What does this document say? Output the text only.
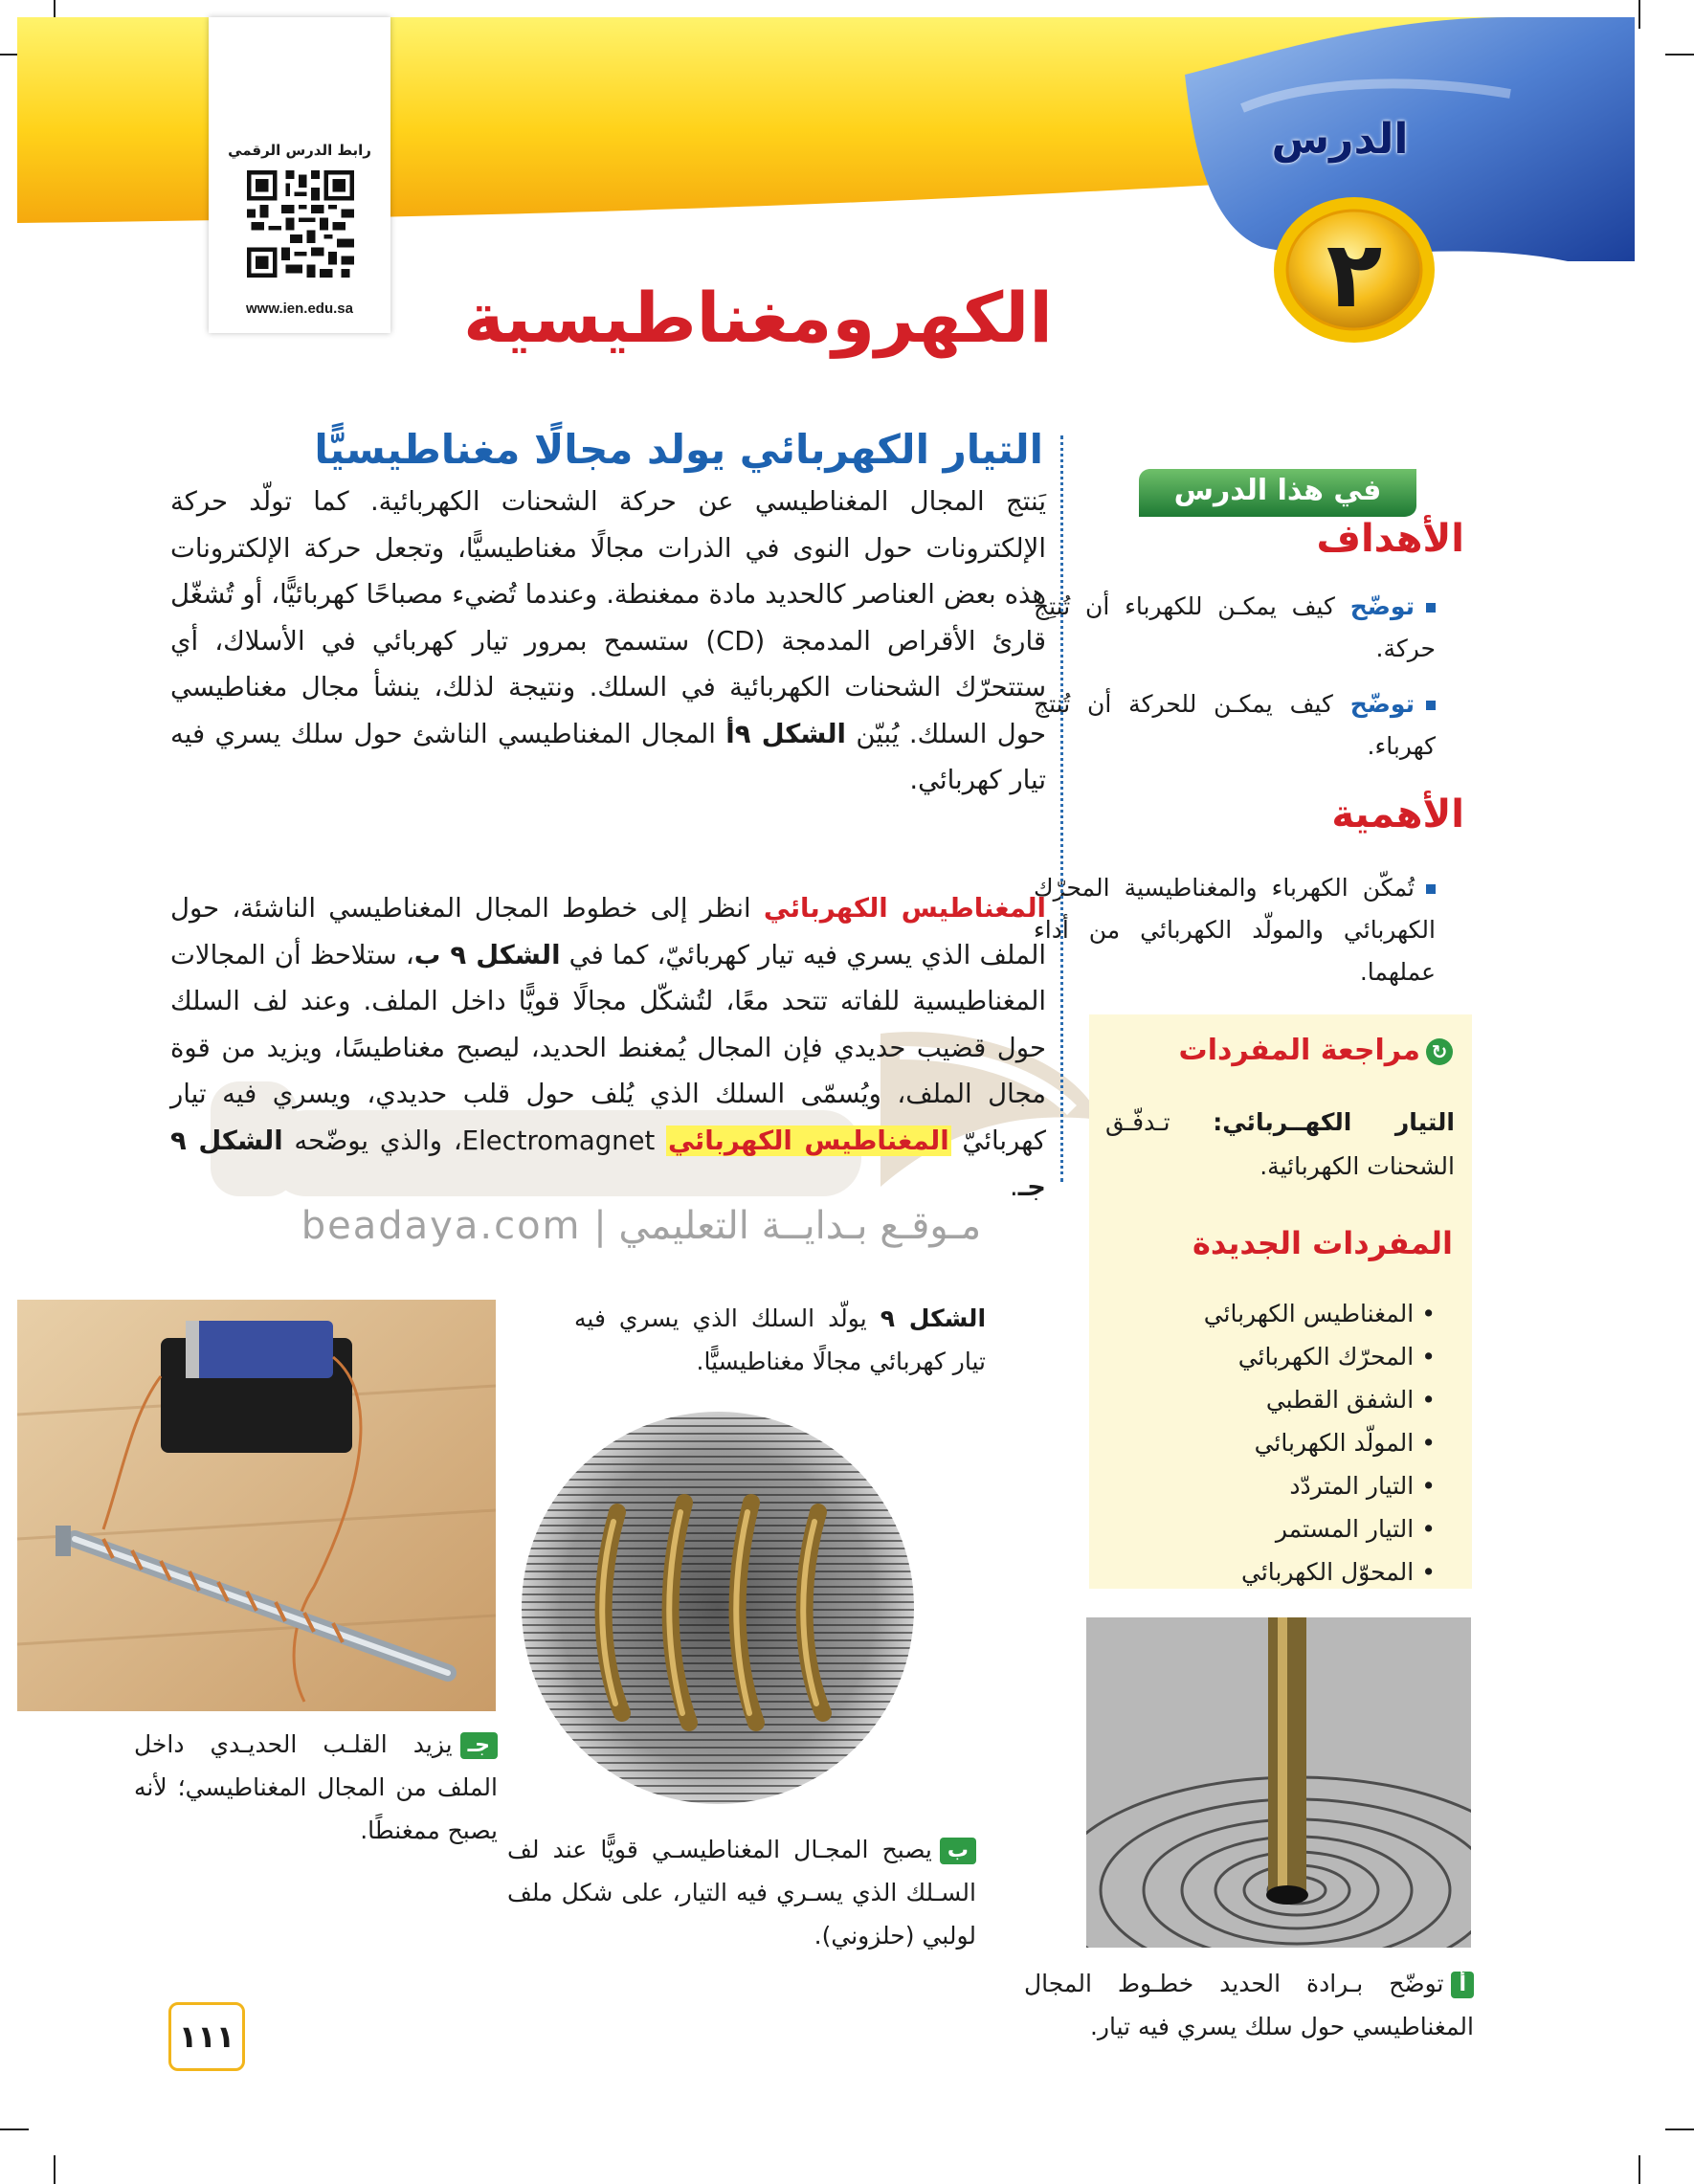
الدرس
٢
رابط الدرس الرقمي
www.ien.edu.sa	الكهرومغناطيسية
مـوقـع بـدايــة التعليمي | beadaya.com
في هذا الدرس
الأهداف
توضّح كيف يمكـن للكهرباء أن تُنتِج حركة.
توضّح كيف يمكـن للحركة أن تُنتج كهرباء.
الأهمية
تُمكّن الكهرباء والمغناطيسية المحرّك الكهربائي والمولّد الكهربائي من أداء عملهما.
↻مراجعة المفردات
التيار الكهــربائي: تـدفّـق الشحنات الكهربائية.
المفردات الجديدة
• المغناطيس الكهربائي
• المحرّك الكهربائي
• الشفق القطبي
• المولّد الكهربائي
• التيار المتردّد
• التيار المستمر
• المحوّل الكهربائي
التيار الكهربائي يولد مجالًا مغناطيسيًّا
يَنتج المجال المغناطيسي عن حركة الشحنات الكهربائية. كما تولّد حركة الإلكترونات حول النوى في الذرات مجالًا مغناطيسيًّا، وتجعل حركة الإلكترونات هذه بعض العناصر كالحديد مادة ممغنطة. وعندما تُضيء مصباحًا كهربائيًّا، أو تُشغّل قارئ الأقراص المدمجة (CD) ستسمح بمرور تيار كهربائي في الأسلاك، أي ستتحرّك الشحنات الكهربائية في السلك. ونتيجة لذلك، ينشأ مجال مغناطيسي حول السلك. يُبيّن الشكل ٩أ المجال المغناطيسي الناشئ حول سلك يسري فيه تيار كهربائي.
المغناطيس الكهربائي انظر إلى خطوط المجال المغناطيسي الناشئة، حول الملف الذي يسري فيه تيار كهربائيّ، كما في الشكل ٩ ب، ستلاحظ أن المجالات المغناطيسية للفاته تتحد معًا، لتُشكّل مجالًا قويًّا داخل الملف. وعند لف السلك حول قضيب حديدي فإن المجال يُمغنط الحديد، ليصبح مغناطيسًا، ويزيد من قوة مجال الملف، ويُسمّى السلك الذي يُلف حول قلب حديدي، ويسري فيه تيار كهربائيّ المغناطيس الكهربائي Electromagnet، والذي يوضّحه الشكل ٩ جـ.
الشكل ٩ يولّد السلك الذي يسري فيه تيار كهربائي مجالًا مغناطيسيًّا.
جـيزيد القلـب الحديـدي داخل الملف من المجال المغناطيسي؛ لأنه يصبح ممغنطًا.
بيصبح المجـال المغناطيسـي قويًّا عند لف السـلك الذي يسـري فيه التيار، على شكل ملف لولبي (حلزوني).
أتوضّح بـرادة الحديد خطـوط المجال المغناطيسي حول سلك يسري فيه تيار.
١١١
